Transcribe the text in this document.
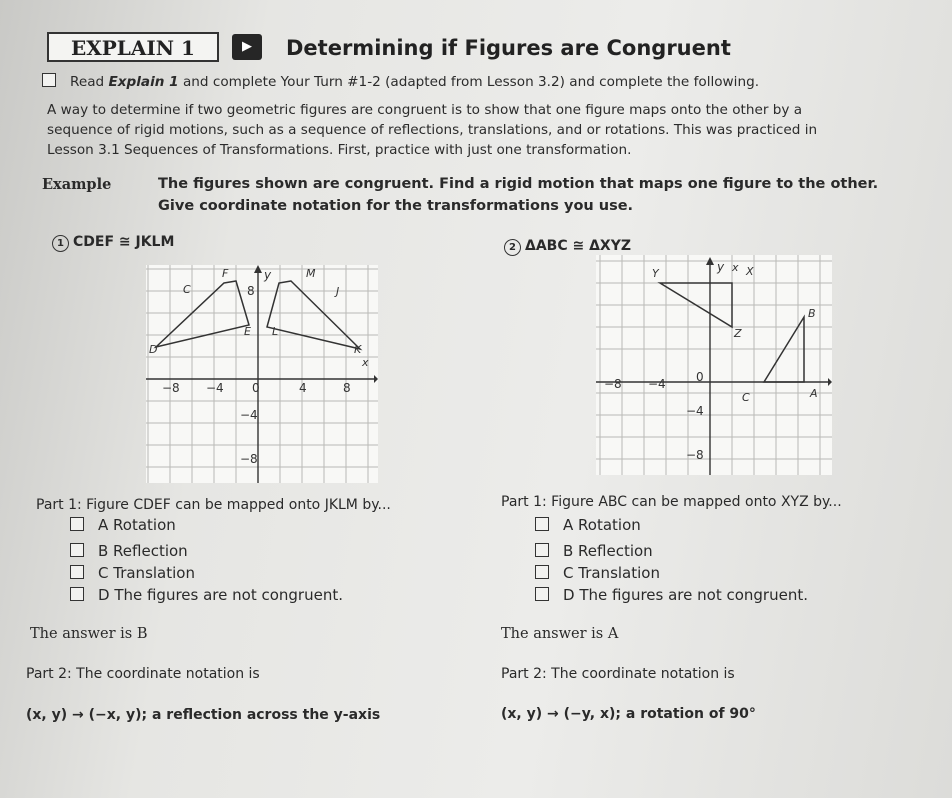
EXPLAIN 1	▶	Determining if Figures are Congruent
Read Explain 1 and complete Your Turn #1-2 (adapted from Lesson 3.2) and complete the following.
A way to determine if two geometric figures are congruent is to show that one figure maps onto the other by a
sequence of rigid motions, such as a sequence of reflections, translations, and or rotations. This was practiced in
Lesson 3.1 Sequences of Transformations. First, practice with just one transformation.
Example	The figures shown are congruent. Find a rigid motion that maps one figure to the other.
Give coordinate notation for the transformations you use.
1 CDEF ≅ JKLM
−8 −4 0	4	8
8
−4
−8
y
x
C
F
E L
M
J
D	K
Part 1: Figure CDEF can be mapped onto JKLM by...
A Rotation
B Reflection
C Translation
D The figures are not congruent.
The answer is B
Part 2: The coordinate notation is
(x, y) → (−x, y); a reflection across the y-axis
2 ΔABC ≅ ΔXYZ
−8 −4	0
−4
−8
y x
Y	X
Z
B
C	A
Part 1: Figure ABC can be mapped onto XYZ by...
A Rotation
B Reflection
C Translation
D The figures are not congruent.
The answer is A
Part 2: The coordinate notation is
(x, y) → (−y, x); a rotation of 90°
